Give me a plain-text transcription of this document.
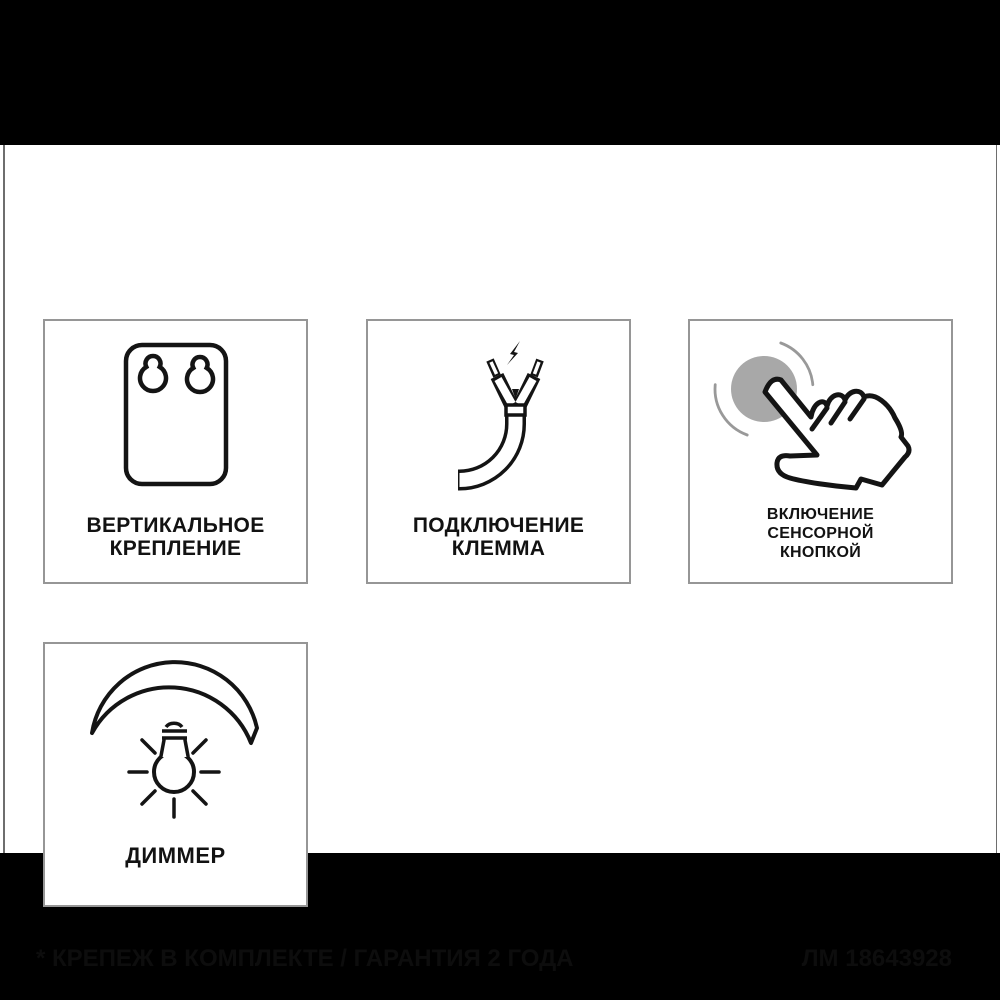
ВЕРТИКАЛЬНОЕ
КРЕПЛЕНИЕ
ПОДКЛЮЧЕНИЕ
КЛЕММА
ВКЛЮЧЕНИЕ
СЕНСОРНОЙ
КНОПКОЙ
ДИММЕР
* КРЕПЕЖ В КОМПЛЕКТЕ / ГАРАНТИЯ 2 ГОДА	ЛМ 18643928
